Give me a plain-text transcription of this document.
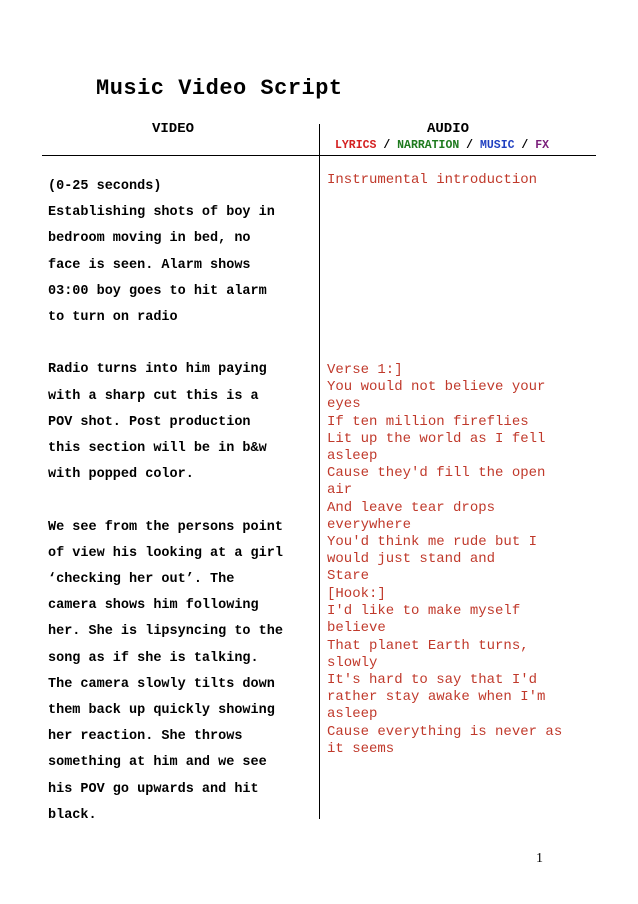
Music Video Script
VIDEO	AUDIO
LYRICS / NARRATION / MUSIC / FX

(0-25 seconds)

Establishing shots of boy in

bedroom moving in bed, no

face is seen. Alarm shows

03:00 boy goes to hit alarm

to turn on radio

Radio turns into him paying

with a sharp cut this is a

POV shot. Post production

this section will be in b&w

with popped color.

We see from the persons point

of view his looking at a girl

‘checking her out’. The

camera shows him following

her. She is lipsyncing to the

song as if she is talking.

The camera slowly tilts down

them back up quickly showing

her reaction. She throws

something at him and we see

his POV go upwards and hit

black.

Instrumental introduction

Verse 1:]

You would not believe your

eyes

If ten million fireflies

Lit up the world as I fell

asleep

Cause they'd fill the open

air

And leave tear drops

everywhere

You'd think me rude but I

would just stand and

Stare

[Hook:]

I'd like to make myself

believe

That planet Earth turns,

slowly

It's hard to say that I'd

rather stay awake when I'm

asleep

Cause everything is never as

it seems

1
